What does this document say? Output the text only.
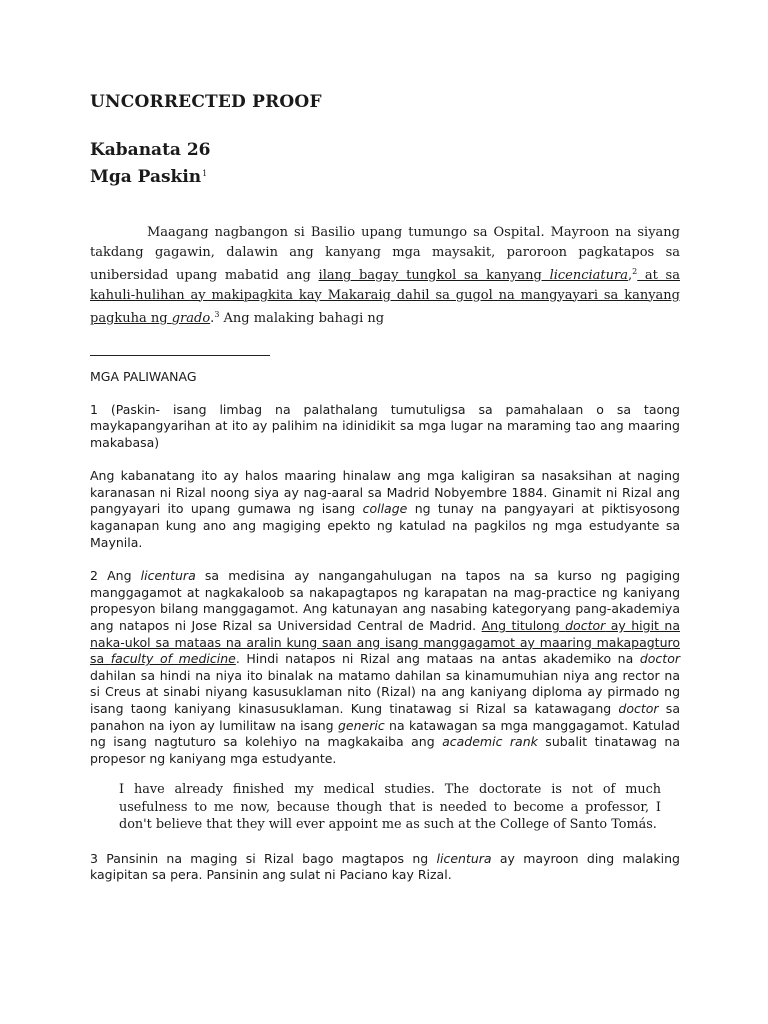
UNCORRECTED PROOF
Kabanata 26
Mga Paskin$^1$

Maagang nagbangon si Basilio upang tumungo sa Ospital. Mayroon na siyang takdang gagawin, dalawin ang kanyang mga maysakit, paroroon pagkatapos sa unibersidad upang mabatid ang ilang bagay tungkol sa kanyang licenciatura,$^2$ at sa kahuli-hulihan ay makipagkita kay Makaraig dahil sa gugol na mangyayari sa kanyang pagkuha ng grado.$^3$ Ang malaking bahagi ng

MGA PALIWANAG

1 (Paskin- isang limbag na palathalang tumutuligsa sa pamahalaan o sa taong maykapangyarihan at ito ay palihim na idinidikit sa mga lugar na maraming tao ang maaring makabasa)

Ang kabanatang ito ay halos maaring hinalaw ang mga kaligiran sa nasaksihan at naging karanasan ni Rizal noong siya ay nag-aaral sa Madrid Nobyembre 1884. Ginamit ni Rizal ang pangyayari ito upang gumawa ng isang collage ng tunay na pangyayari at piktisyosong kaganapan kung ano ang magiging epekto ng katulad na pagkilos ng mga estudyante sa Maynila.

2 Ang licentura sa medisina ay nangangahulugan na tapos na sa kurso ng pagiging manggagamot at nagkakaloob sa nakapagtapos ng karapatan na mag-practice ng kaniyang propesyon bilang manggagamot. Ang katunayan ang nasabing kategoryang pang-akademiya ang natapos ni Jose Rizal sa Universidad Central de Madrid. Ang titulong doctor ay higit na naka-ukol sa mataas na aralin kung saan ang isang manggagamot ay maaring makapagturo sa faculty of medicine. Hindi natapos ni Rizal ang mataas na antas akademiko na doctor dahilan sa hindi na niya ito binalak na matamo dahilan sa kinamumuhian niya ang rector na si Creus at sinabi niyang kasusuklaman nito (Rizal) na ang kaniyang diploma ay pirmado ng isang taong kaniyang kinasusuklaman. Kung tinatawag si Rizal sa katawagang doctor sa panahon na iyon ay lumilitaw na isang generic na katawagan sa mga manggagamot. Katulad ng isang nagtuturo sa kolehiyo na magkakaiba ang academic rank subalit tinatawag na propesor ng kaniyang mga estudyante.

I have already finished my medical studies. The doctorate is not of much usefulness to me now, because though that is needed to become a professor, I don't believe that they will ever appoint me as such at the College of Santo Tomás.

3 Pansinin na maging si Rizal bago magtapos ng licentura ay mayroon ding malaking kagipitan sa pera. Pansinin ang sulat ni Paciano kay Rizal.
